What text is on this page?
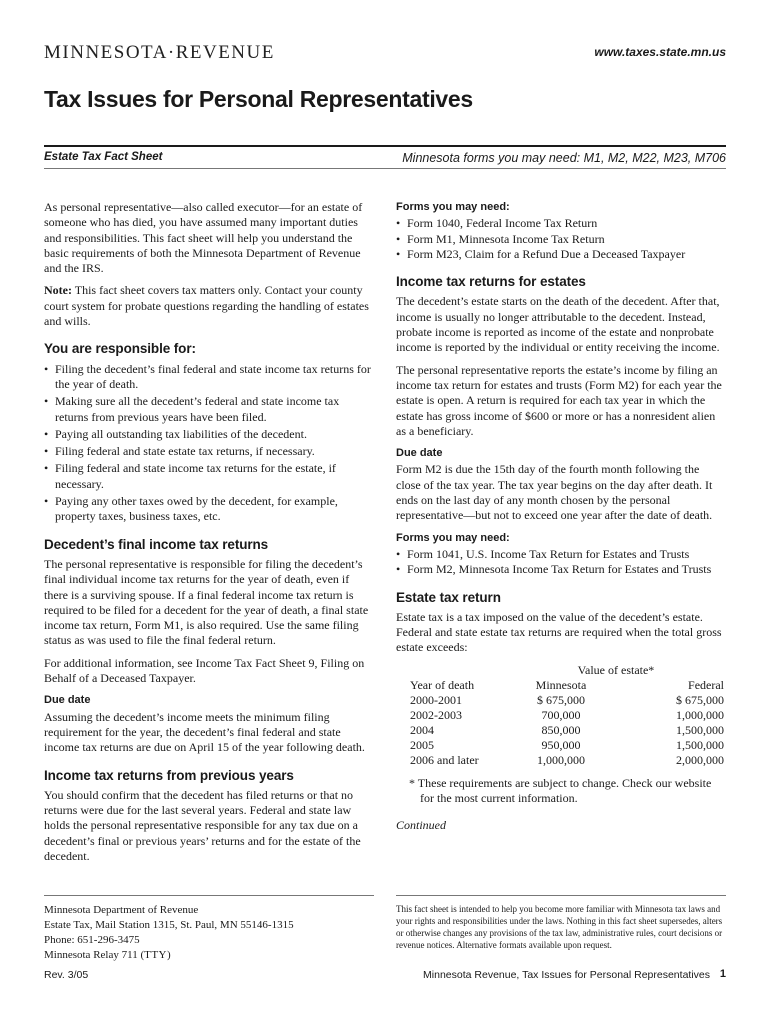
MINNESOTA·REVENUE	www.taxes.state.mn.us
Tax Issues for Personal Representatives
Estate Tax Fact Sheet	Minnesota forms you may need: M1, M2, M22, M23, M706

As personal representative—also called executor—for an estate of someone who has died, you have assumed many important duties and responsibilities. This fact sheet will help you understand the basic requirements of both the Minnesota Department of Revenue and the IRS.

Note: This fact sheet covers tax matters only. Contact your county court system for probate questions regarding the handling of estates and wills.

You are responsible for:
• Filing the decedent’s final federal and state income tax returns for the year of death.
• Making sure all the decedent’s federal and state income tax returns from previous years have been filed.
• Paying all outstanding tax liabilities of the decedent.
• Filing federal and state estate tax returns, if necessary.
• Filing federal and state income tax returns for the estate, if necessary.
• Paying any other taxes owed by the decedent, for example, property taxes, business taxes, etc.
Decedent’s final income tax returns

The personal representative is responsible for filing the decedent’s final individual income tax returns for the year of death, even if there is a surviving spouse. If a final federal income tax return is required to be filed for a decedent for the year of death, a final state income tax return, Form M1, is also required. Use the same filing status as was used to file the final federal return.

For additional information, see Income Tax Fact Sheet 9, Filing on Behalf of a Deceased Taxpayer.

Due date

Assuming the decedent’s income meets the minimum filing requirement for the year, the decedent’s final federal and state income tax returns are due on April 15 of the year following death.

Income tax returns from previous years

You should confirm that the decedent has filed returns or that no returns were due for the last several years. Federal and state law holds the personal representative responsible for any tax due on a decedent’s final or previous years’ returns and for the estate of the decedent.

Forms you may need:
• Form 1040, Federal Income Tax Return
• Form M1, Minnesota Income Tax Return
• Form M23, Claim for a Refund Due a Deceased Taxpayer
Income tax returns for estates

The decedent’s estate starts on the death of the decedent. After that, income is usually no longer attributable to the decedent. Instead, probate income is reported as income of the estate and nonprobate income is reported by the individual or entity receiving the income.

The personal representative reports the estate’s income by filing an income tax return for estates and trusts (Form M2) for each year the estate is open. A return is required for each tax year in which the estate has gross income of $600 or more or has a nonresident alien as a beneficiary.

Due date

Form M2 is due the 15th day of the fourth month following the close of the tax year. The tax year begins on the day after death. It ends on the last day of any month chosen by the personal representative—but not to exceed one year after the date of death.

Forms you may need:
• Form 1041, U.S. Income Tax Return for Estates and Trusts
• Form M2, Minnesota Income Tax Return for Estates and Trusts
Estate tax return

Estate tax is a tax imposed on the value of the decedent’s estate. Federal and state estate tax returns are required when the total gross estate exceeds:

Value of estate*		
Year of death	Minnesota	Federal
2000-2001	$ 675,000	$ 675,000
2002-2003	700,000	1,000,000
2004	850,000	1,500,000
2005	950,000	1,500,000
2006 and later	1,000,000	2,000,000

* These requirements are subject to change. Check our website for the most current information.

Continued

Minnesota Department of Revenue
Estate Tax, Mail Station 1315, St. Paul, MN 55146-1315
Phone: 651-296-3475
Minnesota Relay 711 (TTY)
This fact sheet is intended to help you become more familiar with Minnesota tax laws and your rights and responsibilities under the laws. Nothing in this fact sheet supersedes, alters or otherwise changes any provisions of the tax law, administrative rules, court decisions or revenue notices. Alternative formats available upon request.
Rev. 3/05	Minnesota Revenue, Tax Issues for Personal Representatives 1
